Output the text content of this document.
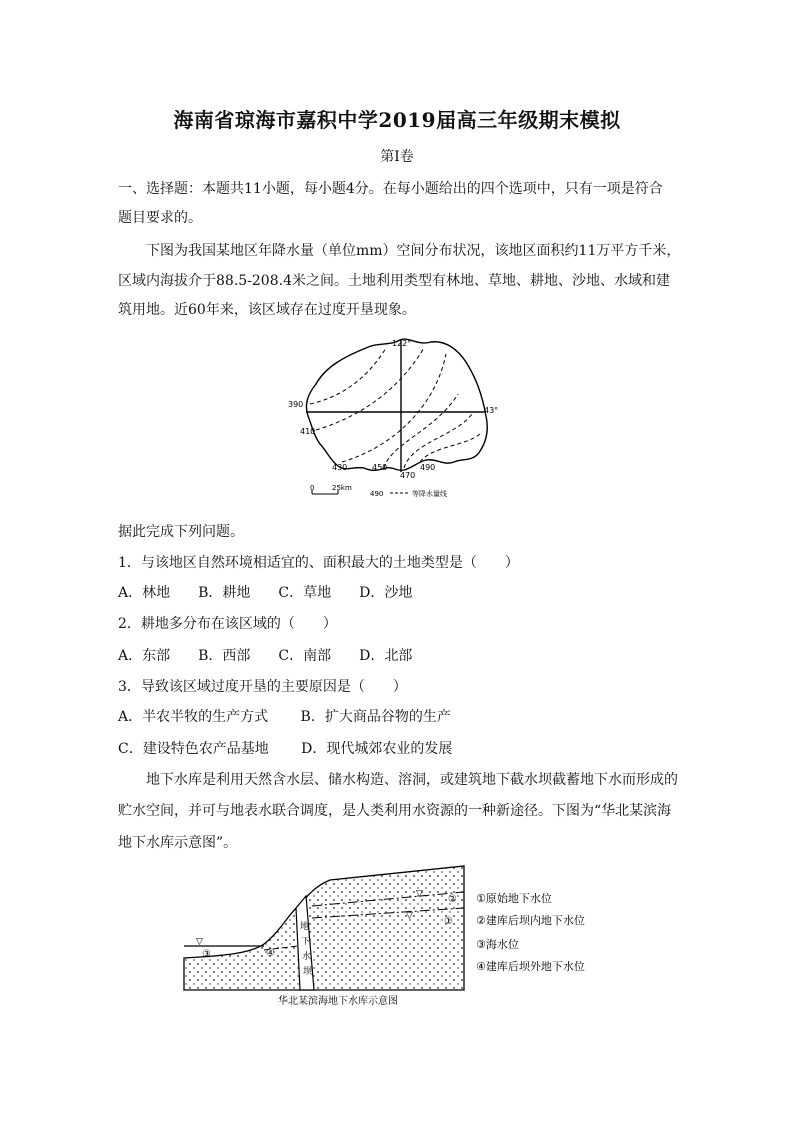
海南省琼海市嘉积中学2019届高三年级期末模拟
第Ⅰ卷
一、选择题：本题共11小题，每小题4分。在每小题给出的四个选项中，只有一项是符合
题目要求的。
下图为我国某地区年降水量（单位mm）空间分布状况，该地区面积约11万平方千米，
区域内海拔介于88.5-208.4米之间。土地利用类型有林地、草地、耕地、沙地、水域和建
筑用地。近60年来，该区域存在过度开垦现象。
122°
43°
390
410
430	450
470
490
0	25km
490	等降水量线
据此完成下列问题。
1．与该地区自然环境相适宜的、面积最大的土地类型是（　　）
A．林地　　B．耕地　　C．草地　　D．沙地
2．耕地多分布在该区域的（　　）
A．东部　　B．西部　　C．南部　　D．北部
3．导致该区域过度开垦的主要原因是（　　）
A．半农半牧的生产方式　　 B．扩大商品谷物的生产
C．建设特色农产品基地　　 D．现代城郊农业的发展
地下水库是利用天然含水层、储水构造、溶洞，或建筑地下截水坝截蓄地下水而形成的
贮水空间，并可与地表水联合调度，是人类利用水资源的一种新途径。下图为“华北某滨海
地下水库示意图”。
地
下
水
坝
▽
▽
▽
③	④
②
①
①原始地下水位
②建库后坝内地下水位
③海水位
④建库后坝外地下水位
华北某滨海地下水库示意图
